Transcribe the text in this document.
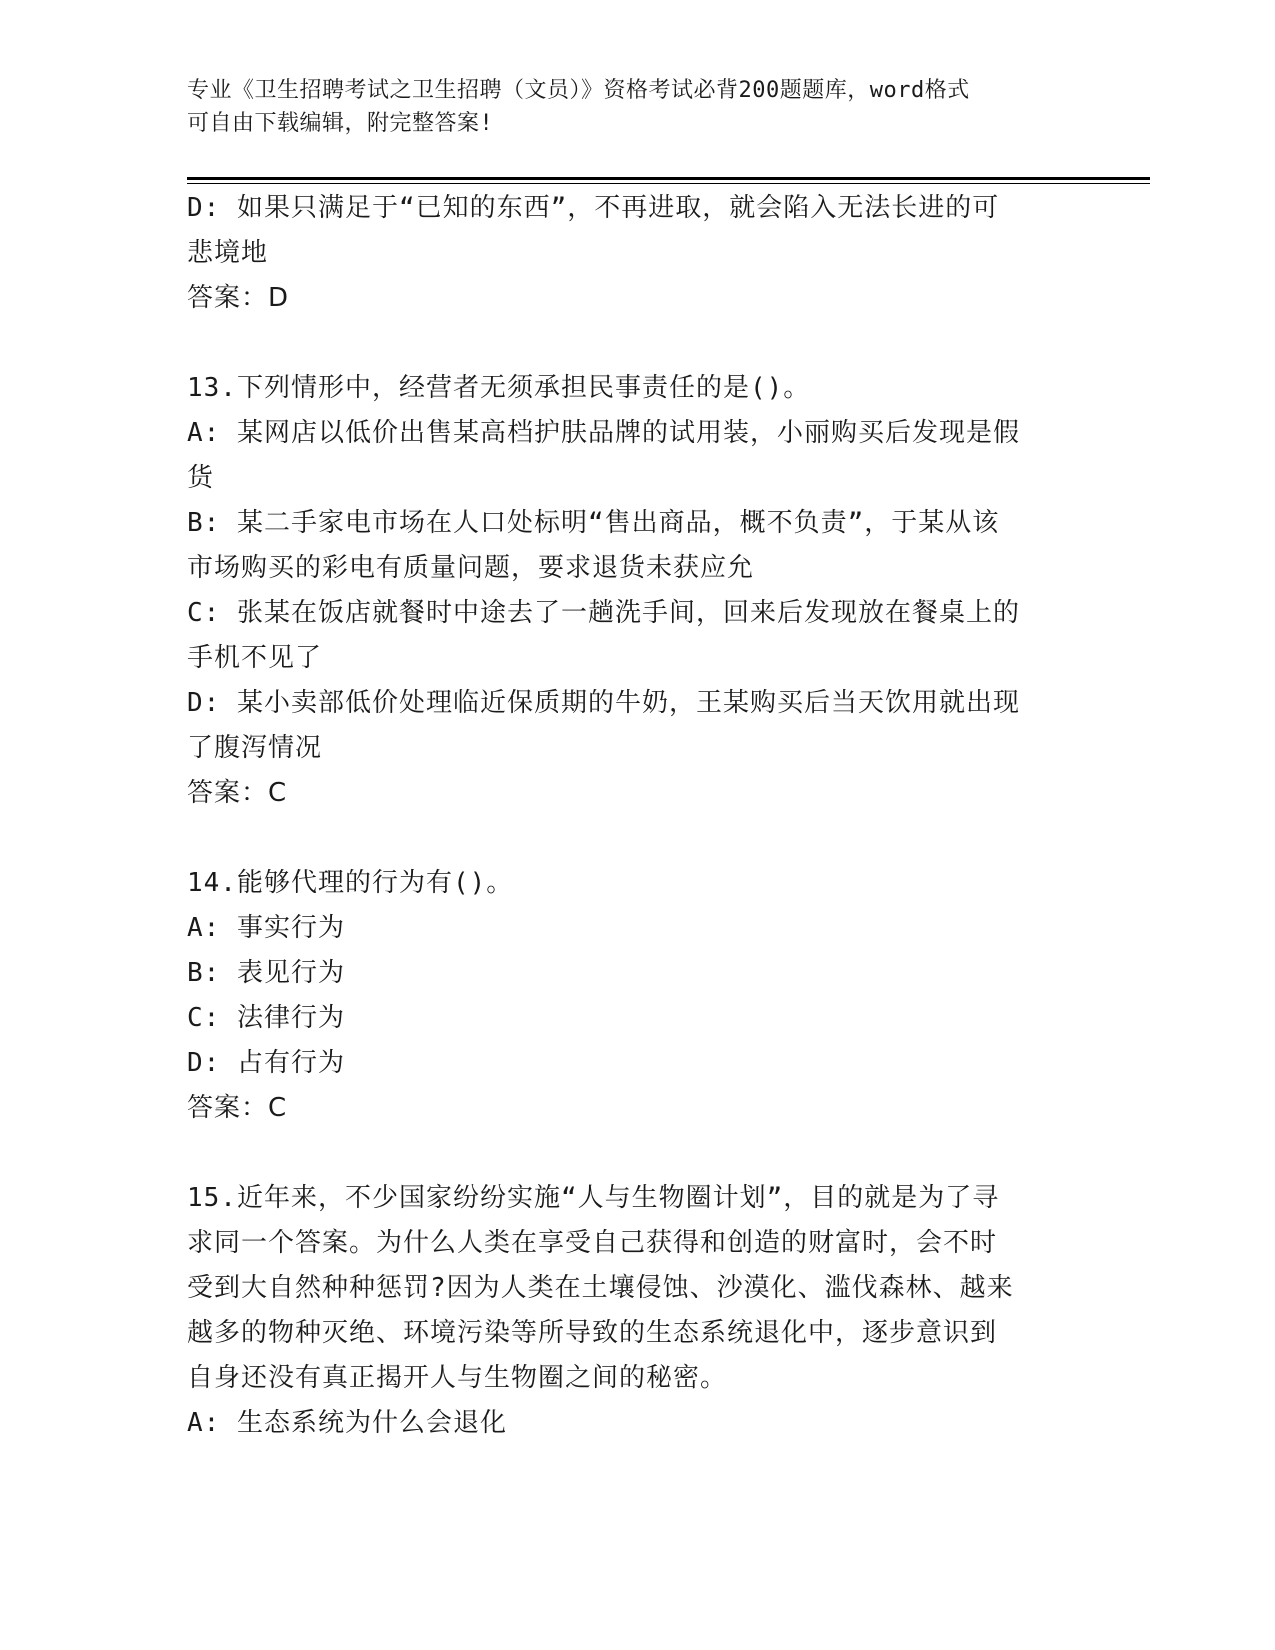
专业《卫生招聘考试之卫生招聘（文员）》资格考试必背200题题库，word格式

可自由下载编辑，附完整答案!

D: 如果只满足于“已知的东西”，不再进取，就会陷入无法长进的可

悲境地

答案：D

13.下列情形中，经营者无须承担民事责任的是()。

A: 某网店以低价出售某高档护肤品牌的试用装，小丽购买后发现是假

货

B: 某二手家电市场在人口处标明“售出商品，概不负责”，于某从该

市场购买的彩电有质量问题，要求退货未获应允

C: 张某在饭店就餐时中途去了一趟洗手间，回来后发现放在餐桌上的

手机不见了

D: 某小卖部低价处理临近保质期的牛奶，王某购买后当天饮用就出现

了腹泻情况

答案：C

14.能够代理的行为有()。

A: 事实行为

B: 表见行为

C: 法律行为

D: 占有行为

答案：C

15.近年来，不少国家纷纷实施“人与生物圈计划”，目的就是为了寻

求同一个答案。为什么人类在享受自己获得和创造的财富时，会不时

受到大自然种种惩罚?因为人类在土壤侵蚀、沙漠化、滥伐森林、越来

越多的物种灭绝、环境污染等所导致的生态系统退化中，逐步意识到

自身还没有真正揭开人与生物圈之间的秘密。

A: 生态系统为什么会退化
